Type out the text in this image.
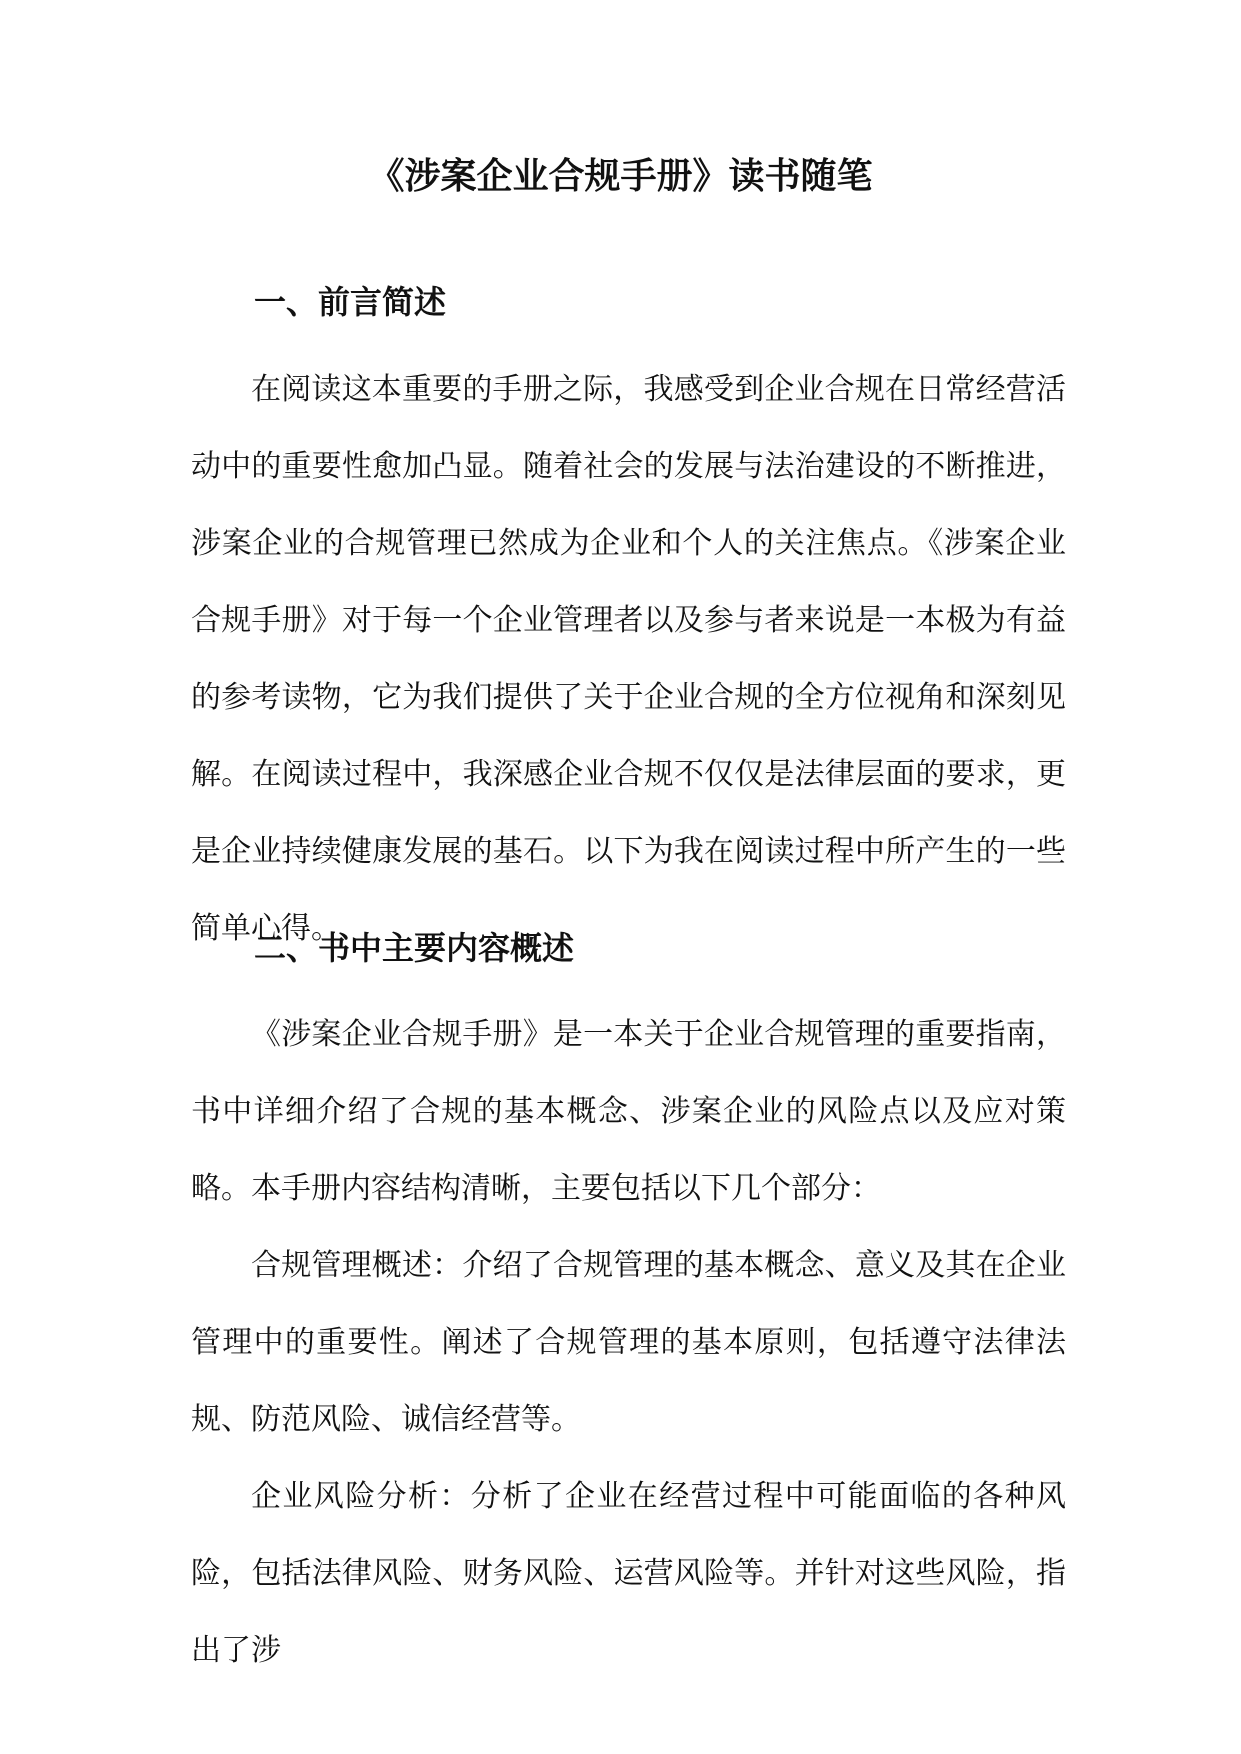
《涉案企业合规手册》读书随笔
一、前言简述

在阅读这本重要的手册之际，我感受到企业合规在日常经营活动中的重要性愈加凸显。随着社会的发展与法治建设的不断推进，涉案企业的合规管理已然成为企业和个人的关注焦点。《涉案企业合规手册》对于每一个企业管理者以及参与者来说是一本极为有益的参考读物，它为我们提供了关于企业合规的全方位视角和深刻见解。在阅读过程中，我深感企业合规不仅仅是法律层面的要求，更是企业持续健康发展的基石。以下为我在阅读过程中所产生的一些简单心得。

二、书中主要内容概述

《涉案企业合规手册》是一本关于企业合规管理的重要指南，书中详细介绍了合规的基本概念、涉案企业的风险点以及应对策略。本手册内容结构清晰，主要包括以下几个部分：

合规管理概述：介绍了合规管理的基本概念、意义及其在企业管理中的重要性。阐述了合规管理的基本原则，包括遵守法律法规、防范风险、诚信经营等。

企业风险分析：分析了企业在经营过程中可能面临的各种风险，包括法律风险、财务风险、运营风险等。并针对这些风险，指出了涉
